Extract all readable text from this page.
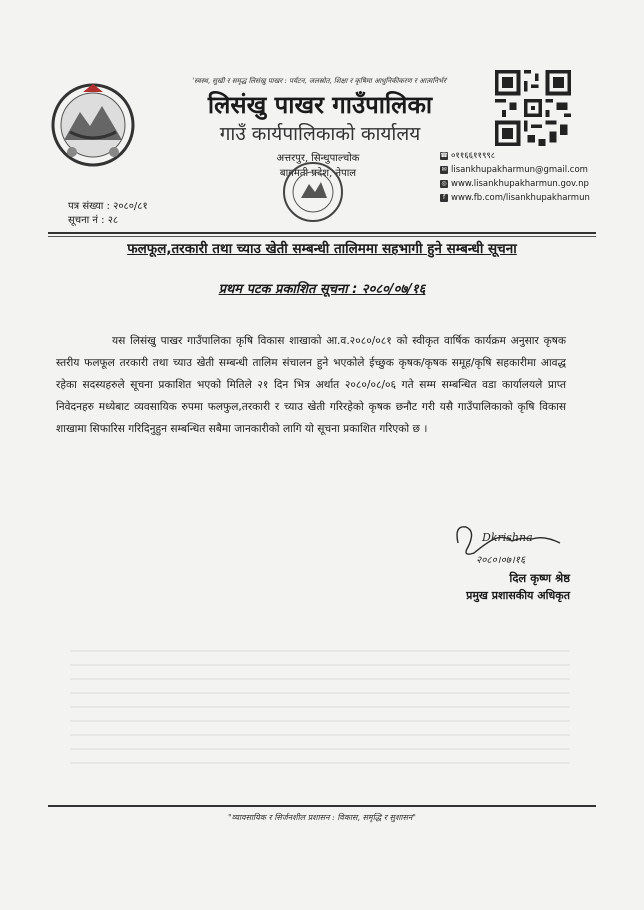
'स्वस्थ, सुखी र समृद्ध लिसंखु पाखर : पर्यटन, जलस्रोत, शिक्षा र कृषिमा आधुनिकीकरण र आत्मनिर्भर'
लिसंखु पाखर गाउँपालिका
गाउँ कार्यपालिकाको कार्यालय
अत्तरपुर, सिन्धुपाल्चोक
बागमती प्रदेश, नेपाल
☎ ०११६६११९९८
✉ lisankhupakharmun@gmail.com
◎ www.lisankhupakharmun.gov.np
f www.fb.com/lisankhupakharmun
पत्र संख्या : २०८०/८१
सूचना नं : २८
फलफूल,तरकारी तथा च्याउ खेती सम्बन्धी तालिममा सहभागी हुने सम्बन्धी सूचना
प्रथम पटक प्रकाशित सूचना : २०८०/०७/१६
यस लिसंखु पाखर गाउँपालिका कृषि विकास शाखाको आ.व.२०८०/०८१ को स्वीकृत वार्षिक कार्यक्रम अनुसार कृषक स्तरीय फलफूल तरकारी तथा च्याउ खेती सम्बन्धी तालिम संचालन हुने भएकोले ईच्छुक कृषक/कृषक समूह/कृषि सहकारीमा आवद्ध रहेका सदस्यहरुले सूचना प्रकाशित भएको मितिले २१ दिन भित्र अर्थात २०८०/०८/०६ गते सम्म सम्बन्धित वडा कार्यालयले प्राप्त निवेदनहरु मध्येबाट व्यवसायिक रुपमा फलफुल,तरकारी र च्याउ खेती गरिरहेको कृषक छनौट गरी यसै गाउँपालिकाको कृषि विकास शाखामा सिफारिस गरिदिनुहुन सम्बन्धित सबैमा जानकारीको लागि यो सूचना प्रकाशित गरिएको छ ।
Dkrishna
२०८०।०७।१६
दिल कृष्ण श्रेष्ठ
प्रमुख प्रशासकीय अधिकृत
"व्यावसायिक र सिर्जनशील प्रशासन : विकास, समृद्धि र सुशासन"
